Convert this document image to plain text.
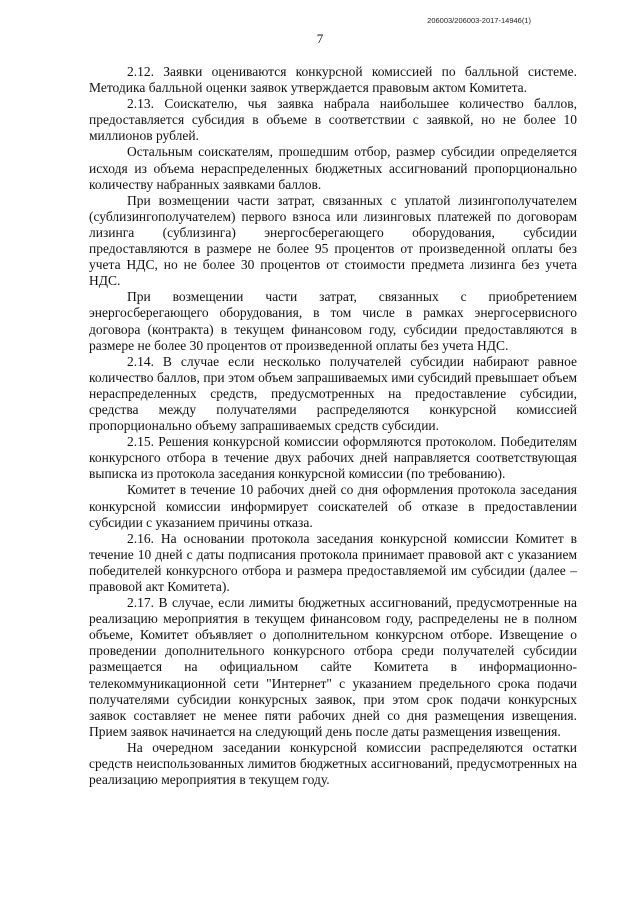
206003/206003-2017-14946(1)
7

2.12. Заявки оцениваются конкурсной комиссией по балльной системе. Методика балльной оценки заявок утверждается правовым актом Комитета.

2.13. Соискателю, чья заявка набрала наибольшее количество баллов, предоставляется субсидия в объеме в соответствии с заявкой, но не более 10 миллионов рублей.

Остальным соискателям, прошедшим отбор, размер субсидии определяется исходя из объема нераспределенных бюджетных ассигнований пропорционально количеству набранных заявками баллов.

При возмещении части затрат, связанных с уплатой лизингополучателем (сублизингополучателем) первого взноса или лизинговых платежей по договорам лизинга (сублизинга) энергосберегающего оборудования, субсидии предоставляются в размере не более 95 процентов от произведенной оплаты без учета НДС, но не более 30 процентов от стоимости предмета лизинга без учета НДС.

При возмещении части затрат, связанных с приобретением энергосберегающего оборудования, в том числе в рамках энергосервисного договора (контракта) в текущем финансовом году, субсидии предоставляются в размере не более 30 процентов от произведенной оплаты без учета НДС.

2.14. В случае если несколько получателей субсидии набирают равное количество баллов, при этом объем запрашиваемых ими субсидий превышает объем нераспределенных средств, предусмотренных на предоставление субсидии, средства между получателями распределяются конкурсной комиссией пропорционально объему запрашиваемых средств субсидии.

2.15. Решения конкурсной комиссии оформляются протоколом. Победителям конкурсного отбора в течение двух рабочих дней направляется соответствующая выписка из протокола заседания конкурсной комиссии (по требованию).

Комитет в течение 10 рабочих дней со дня оформления протокола заседания конкурсной комиссии информирует соискателей об отказе в предоставлении субсидии с указанием причины отказа.

2.16. На основании протокола заседания конкурсной комиссии Комитет в течение 10 дней с даты подписания протокола принимает правовой акт с указанием победителей конкурсного отбора и размера предоставляемой им субсидии (далее – правовой акт Комитета).

2.17. В случае, если лимиты бюджетных ассигнований, предусмотренные на реализацию мероприятия в текущем финансовом году, распределены не в полном объеме, Комитет объявляет о дополнительном конкурсном отборе. Извещение о проведении дополнительного конкурсного отбора среди получателей субсидии размещается на официальном сайте Комитета в информационно-телекоммуникационной сети "Интернет" с указанием предельного срока подачи получателями субсидии конкурсных заявок, при этом срок подачи конкурсных заявок составляет не менее пяти рабочих дней со дня размещения извещения. Прием заявок начинается на следующий день после даты размещения извещения.

На очередном заседании конкурсной комиссии распределяются остатки средств неиспользованных лимитов бюджетных ассигнований, предусмотренных на реализацию мероприятия в текущем году.
